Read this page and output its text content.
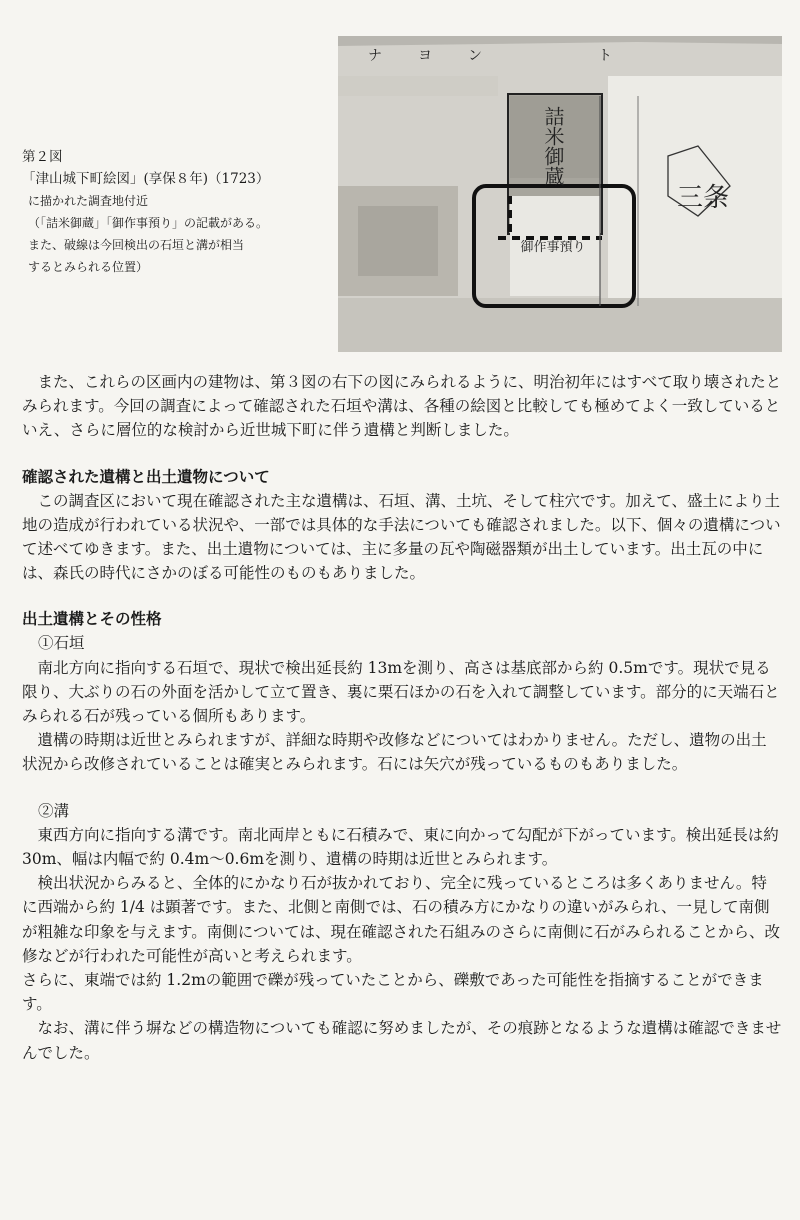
第２図
「津山城下町絵図」(享保８年)（1723）
に描かれた調査地付近
（「詰米御蔵」「御作事預り」の記載がある。
また、破線は今回検出の石垣と溝が相当
するとみられる位置）
詰米御蔵
御作事預り
三条
ナ	ヨ	ン	ト

また、これらの区画内の建物は、第３図の右下の図にみられるように、明治初年にはすべて取り壊されたとみられます。今回の調査によって確認された石垣や溝は、各種の絵図と比較しても極めてよく一致しているといえ、さらに層位的な検討から近世城下町に伴う遺構と判断しました。

確認された遺構と出土遺物について

この調査区において現在確認された主な遺構は、石垣、溝、土坑、そして柱穴です。加えて、盛土により土地の造成が行われている状況や、一部では具体的な手法についても確認されました。以下、個々の遺構について述べてゆきます。また、出土遺物については、主に多量の瓦や陶磁器類が出土しています。出土瓦の中には、森氏の時代にさかのぼる可能性のものもありました。

出土遺構とその性格
①石垣

南北方向に指向する石垣で、現状で検出延長約 13mを測り、高さは基底部から約 0.5mです。現状で見る限り、大ぶりの石の外面を活かして立て置き、裏に栗石ほかの石を入れて調整しています。部分的に天端石とみられる石が残っている個所もあります。

遺構の時期は近世とみられますが、詳細な時期や改修などについてはわかりません。ただし、遺物の出土状況から改修されていることは確実とみられます。石には矢穴が残っているものもありました。

②溝

東西方向に指向する溝です。南北両岸ともに石積みで、東に向かって勾配が下がっています。検出延長は約 30m、幅は内幅で約 0.4m～0.6mを測り、遺構の時期は近世とみられます。

検出状況からみると、全体的にかなり石が抜かれており、完全に残っているところは多くありません。特に西端から約 1/4 は顕著です。また、北側と南側では、石の積み方にかなりの違いがみられ、一見して南側が粗雑な印象を与えます。南側については、現在確認された石組みのさらに南側に石がみられることから、改修などが行われた可能性が高いと考えられます。

さらに、東端では約 1.2mの範囲で礫が残っていたことから、礫敷であった可能性を指摘することができます。

なお、溝に伴う塀などの構造物についても確認に努めましたが、その痕跡となるような遺構は確認できませんでした。
